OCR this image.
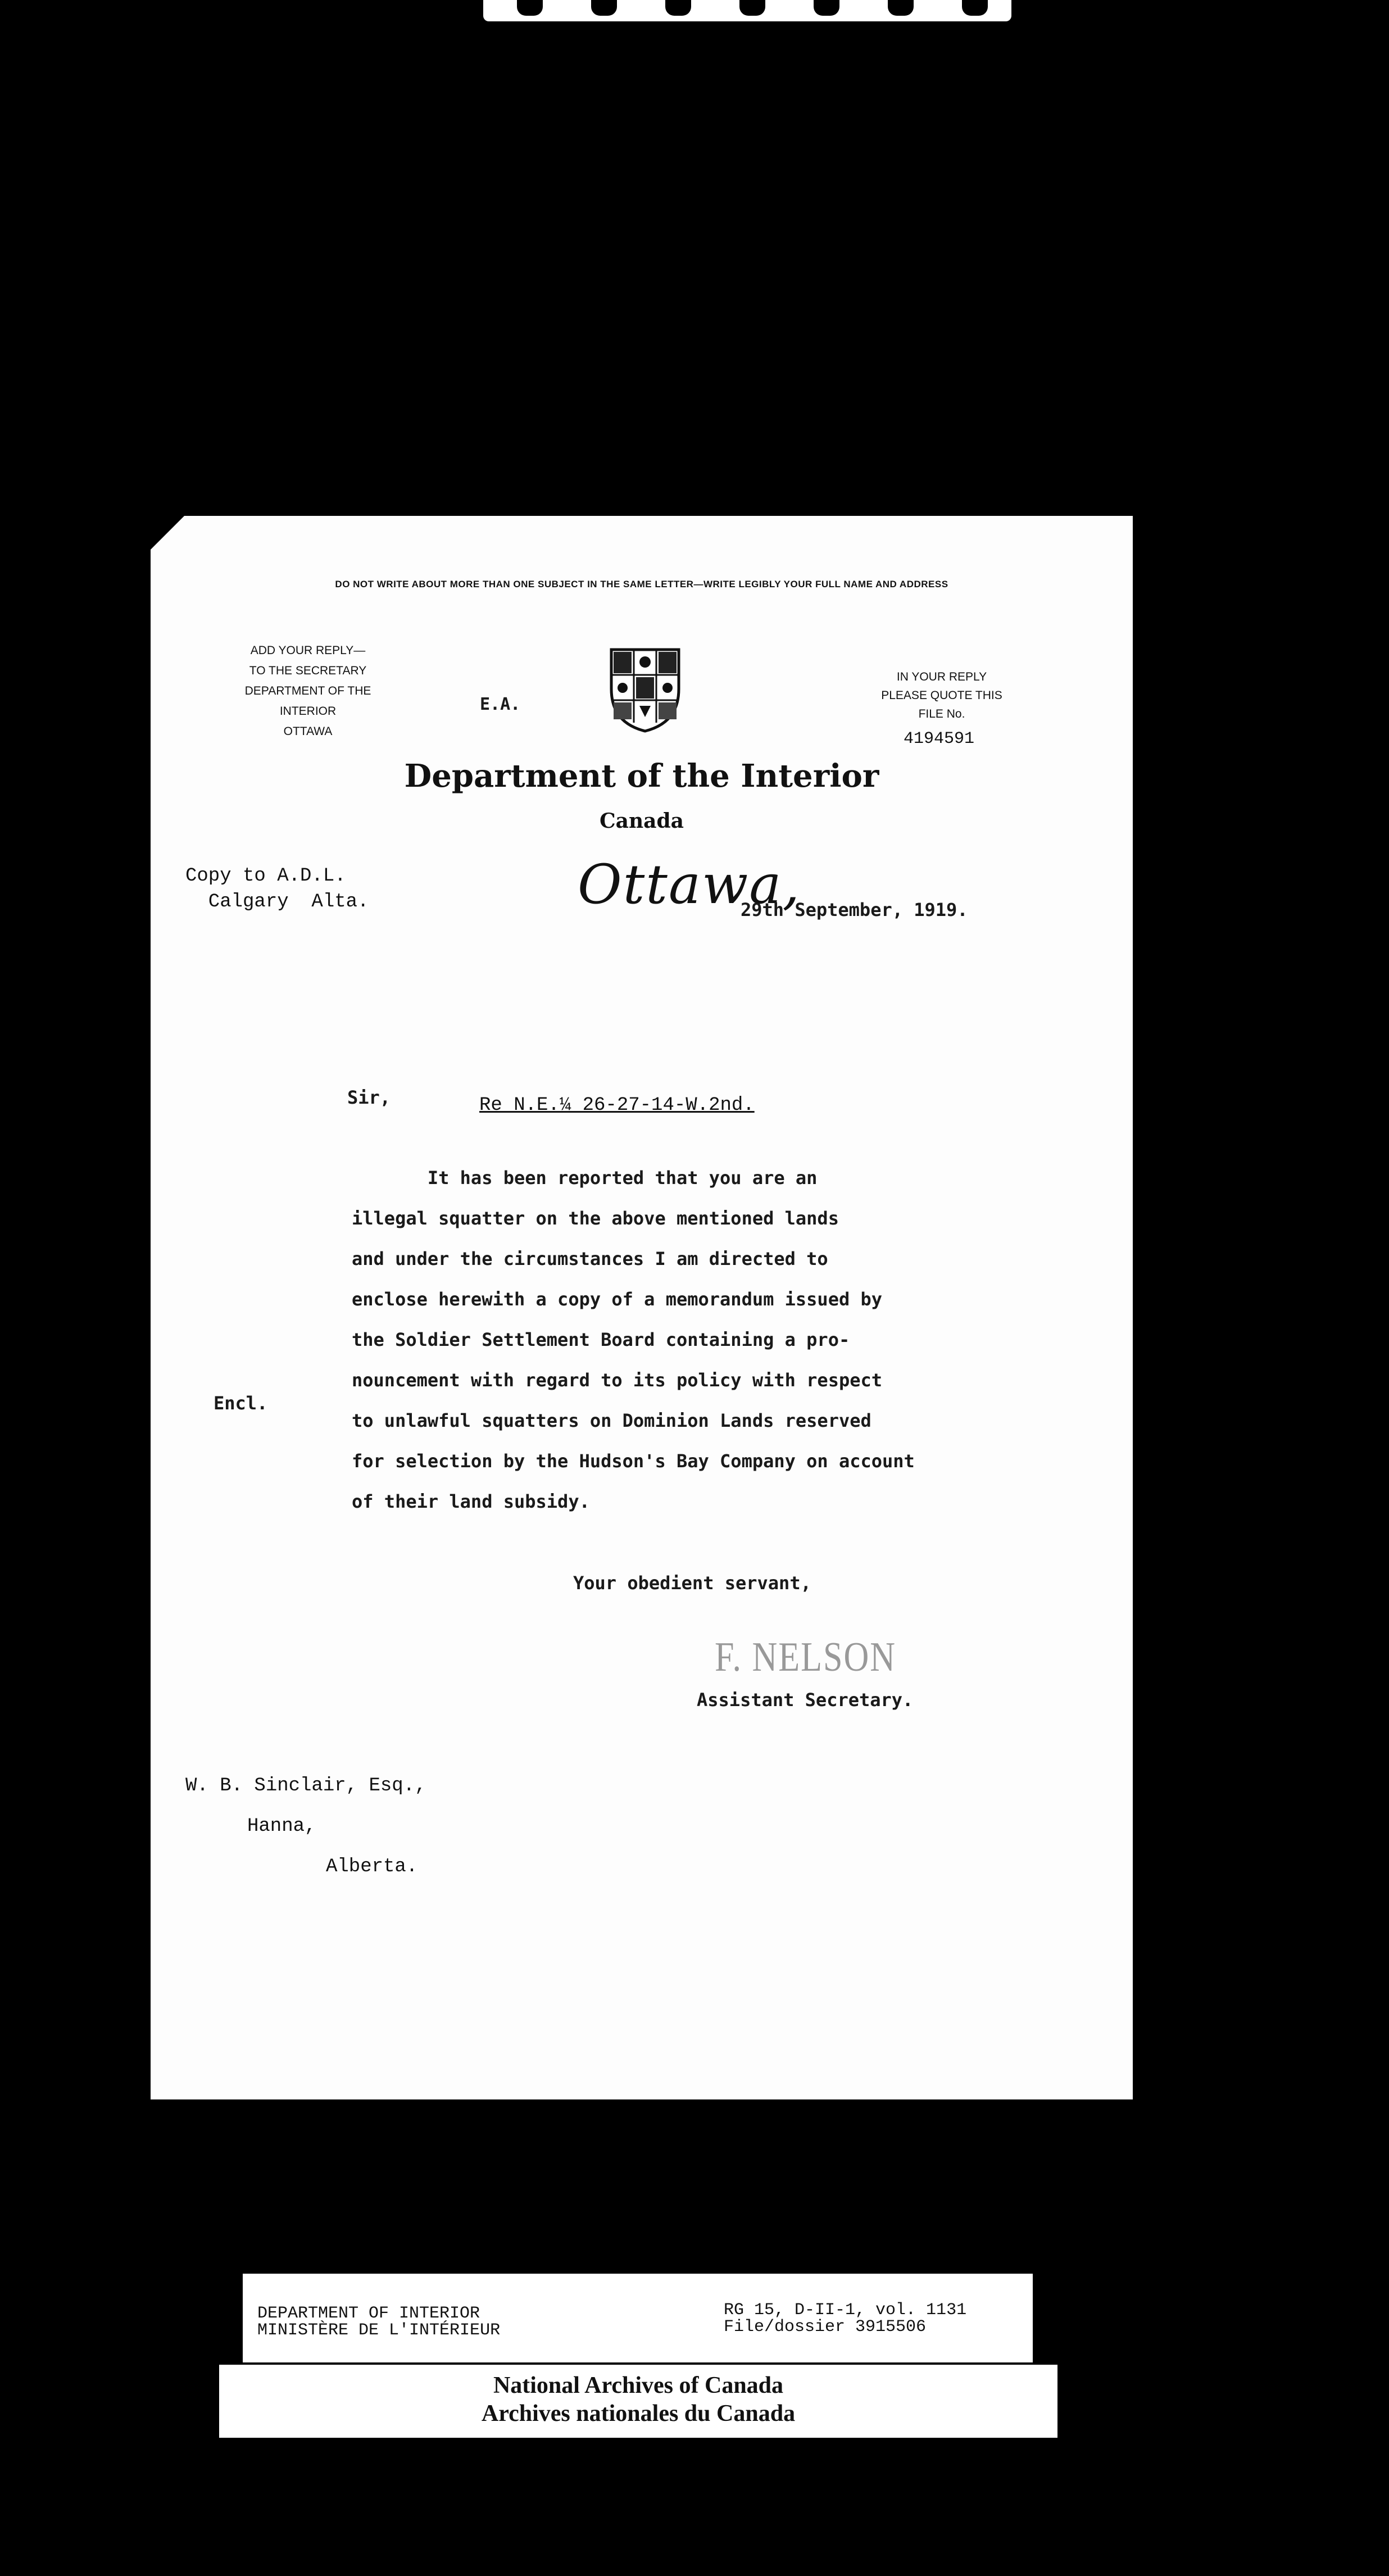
DO NOT WRITE ABOUT MORE THAN ONE SUBJECT IN THE SAME LETTER—WRITE LEGIBLY YOUR FULL NAME AND ADDRESS
ADD YOUR REPLY—
TO THE SECRETARY
DEPARTMENT OF THE INTERIOR
OTTAWA
E.A.
IN YOUR REPLY
PLEASE QUOTE THIS
FILE No.
4194591
Department of the Interior
Canada
Copy to A.D.L.
Calgary  Alta.	Ottawa,
29th September, 1919.
Sir,	Re N.E.¼ 26-27-14-W.2nd.
It has been reported that you are an
illegal squatter on the above mentioned lands
and under the circumstances I am directed to
enclose herewith a copy of a memorandum issued by
the Soldier Settlement Board containing a pro-
nouncement with regard to its policy with respect
to unlawful squatters on Dominion Lands reserved
for selection by the Hudson's Bay Company on account
of their land subsidy.
Encl.
Your obedient servant,
F. NELSON
Assistant Secretary.
W. B. Sinclair, Esq.,
Hanna,
Alberta.
DEPARTMENT OF INTERIOR
MINISTÈRE DE L'INTÉRIEUR
RG 15, D-II-1, vol. 1131
File/dossier 3915506
National Archives of Canada
Archives nationales du Canada
